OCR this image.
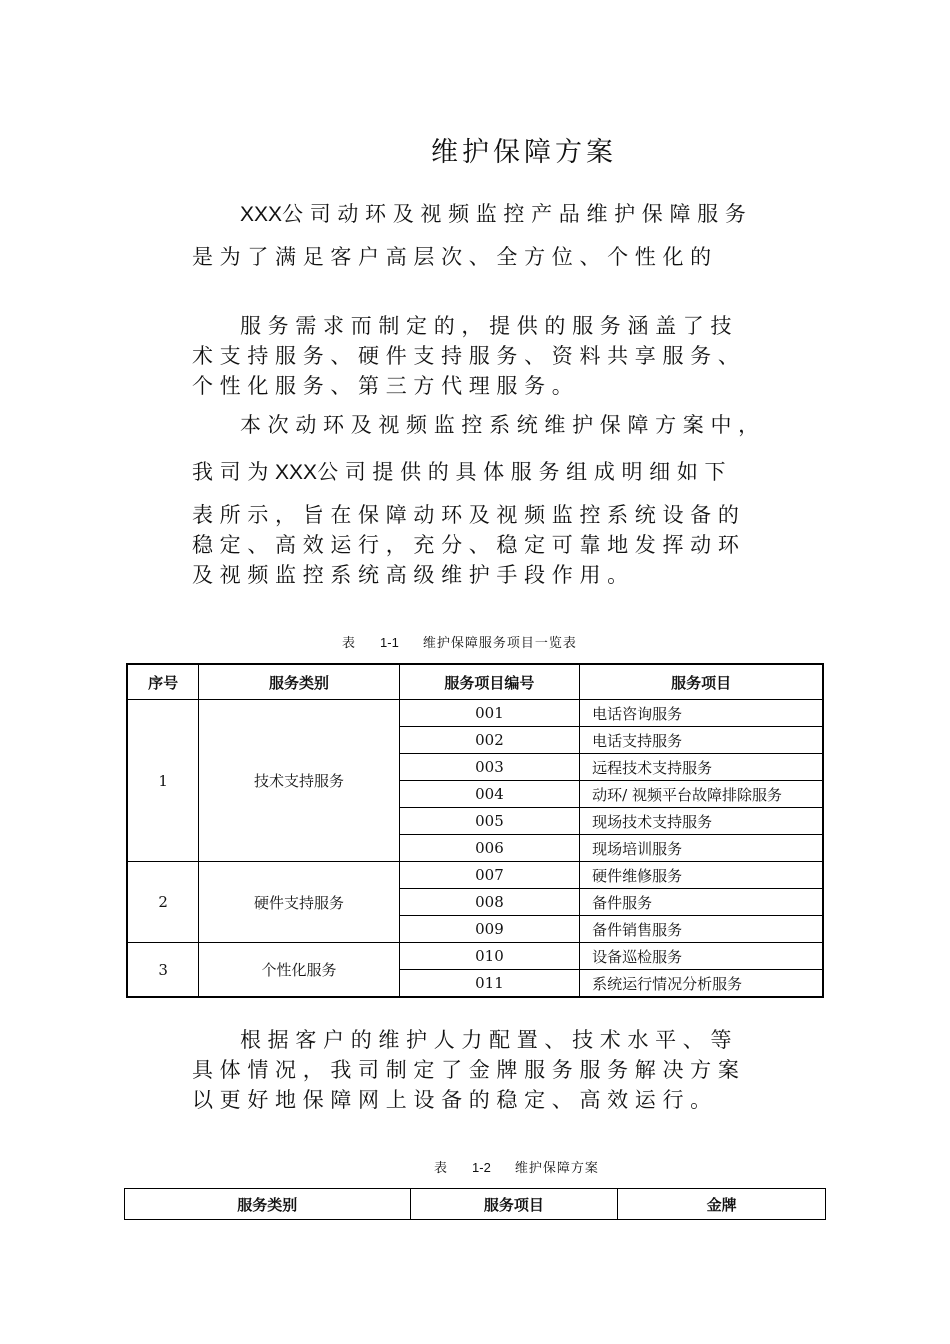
维护保障方案
XXX公 司 动 环 及 视 频 监 控 产 品 维 护 保 障 服 务
是 为 了 满 足 客 户 高 层 次 、 全 方 位 、 个 性 化 的
服 务 需 求 而 制 定 的 ， 提 供 的 服 务 涵 盖 了 技
术 支 持 服 务 、 硬 件 支 持 服 务 、 资 料 共 享 服 务 、
个 性 化 服 务 、 第 三 方 代 理 服 务 。
本 次 动 环 及 视 频 监 控 系 统 维 护 保 障 方 案 中 ，
我 司 为 XXX公 司 提 供 的 具 体 服 务 组 成 明 细 如 下
表 所 示 ， 旨 在 保 障 动 环 及 视 频 监 控 系 统 设 备 的
稳 定 、 高 效 运 行 ， 充 分 、 稳 定 可 靠 地 发 挥 动 环
及 视 频 监 控 系 统 高 级 维 护 手 段 作 用 。
表 1-1 维护保障服务项目一览表
序号	服务类别	服务项目编号	服务项目
1	技术支持服务	001	电话咨询服务
		002	电话支持服务
		003	远程技术支持服务
		004	动环/ 视频平台故障排除服务
		005	现场技术支持服务
		006	现场培训服务
2	硬件支持服务	007	硬件维修服务
		008	备件服务
		009	备件销售服务
3	个性化服务	010	设备巡检服务
		011	系统运行情况分析服务
根 据 客 户 的 维 护 人 力 配 置 、 技 术 水 平 、 等
具 体 情 况 ， 我 司 制 定 了 金 牌 服 务 服 务 解 决 方 案
以 更 好 地 保 障 网 上 设 备 的 稳 定 、 高 效 运 行 。
表 1-2 维护保障方案
服务类别	服务项目	金牌
